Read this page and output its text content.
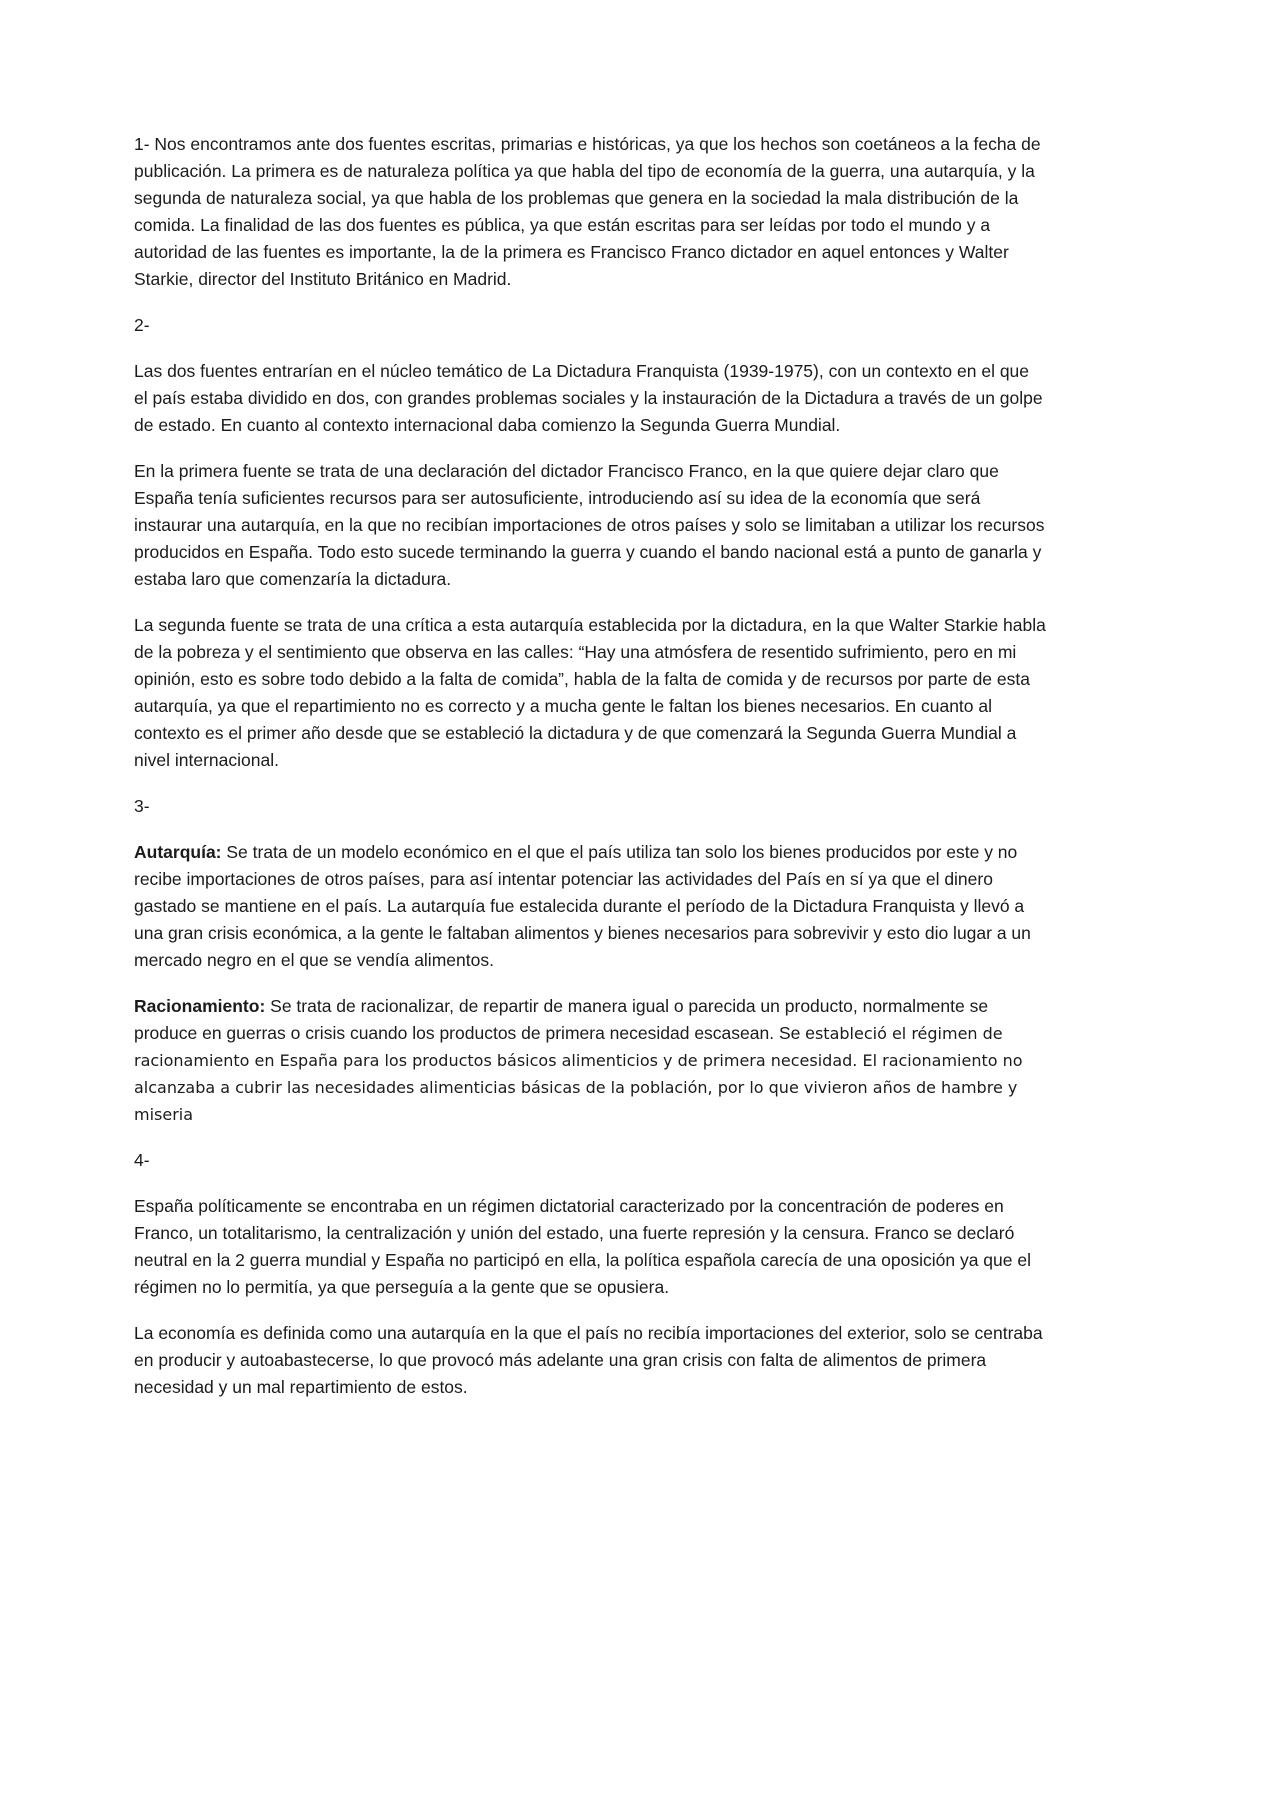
1- Nos encontramos ante dos fuentes escritas, primarias e históricas, ya que los hechos son coetáneos a la fecha de publicación. La primera es de naturaleza política ya que habla del tipo de economía de la guerra, una autarquía, y la segunda de naturaleza social, ya que habla de los problemas que genera en la sociedad la mala distribución de la comida. La finalidad de las dos fuentes es pública, ya que están escritas para ser leídas por todo el mundo y a autoridad de las fuentes es importante, la de la primera es Francisco Franco dictador en aquel entonces y Walter Starkie, director del Instituto Británico en Madrid.

2-

Las dos fuentes entrarían en el núcleo temático de La Dictadura Franquista (1939-1975), con un contexto en el que el país estaba dividido en dos, con grandes problemas sociales y la instauración de la Dictadura a través de un golpe de estado. En cuanto al contexto internacional daba comienzo la Segunda Guerra Mundial.

En la primera fuente se trata de una declaración del dictador Francisco Franco, en la que quiere dejar claro que España tenía suficientes recursos para ser autosuficiente, introduciendo así su idea de la economía que será instaurar una autarquía, en la que no recibían importaciones de otros países y solo se limitaban a utilizar los recursos producidos en España. Todo esto sucede terminando la guerra y cuando el bando nacional está a punto de ganarla y estaba laro que comenzaría la dictadura.

La segunda fuente se trata de una crítica a esta autarquía establecida por la dictadura, en la que Walter Starkie habla de la pobreza y el sentimiento que observa en las calles: “Hay una atmósfera de resentido sufrimiento, pero en mi opinión, esto es sobre todo debido a la falta de comida”, habla de la falta de comida y de recursos por parte de esta autarquía, ya que el repartimiento no es correcto y a mucha gente le faltan los bienes necesarios. En cuanto al contexto es el primer año desde que se estableció la dictadura y de que comenzará la Segunda Guerra Mundial a nivel internacional.

3-

Autarquía: Se trata de un modelo económico en el que el país utiliza tan solo los bienes producidos por este y no recibe importaciones de otros países, para así intentar potenciar las actividades del País en sí ya que el dinero gastado se mantiene en el país. La autarquía fue estalecida durante el período de la Dictadura Franquista y llevó a una gran crisis económica, a la gente le faltaban alimentos y bienes necesarios para sobrevivir y esto dio lugar a un mercado negro en el que se vendía alimentos.

Racionamiento: Se trata de racionalizar, de repartir de manera igual o parecida un producto, normalmente se produce en guerras o crisis cuando los productos de primera necesidad escasean. Se estableció el régimen de racionamiento en España para los productos básicos alimenticios y de primera necesidad. El racionamiento no alcanzaba a cubrir las necesidades alimenticias básicas de la población, por lo que vivieron años de hambre y miseria

4-

España políticamente se encontraba en un régimen dictatorial caracterizado por la concentración de poderes en Franco, un totalitarismo, la centralización y unión del estado, una fuerte represión y la censura. Franco se declaró neutral en la 2 guerra mundial y España no participó en ella, la política española carecía de una oposición ya que el régimen no lo permitía, ya que perseguía a la gente que se opusiera.

La economía es definida como una autarquía en la que el país no recibía importaciones del exterior, solo se centraba en producir y autoabastecerse, lo que provocó más adelante una gran crisis con falta de alimentos de primera necesidad y un mal repartimiento de estos.
